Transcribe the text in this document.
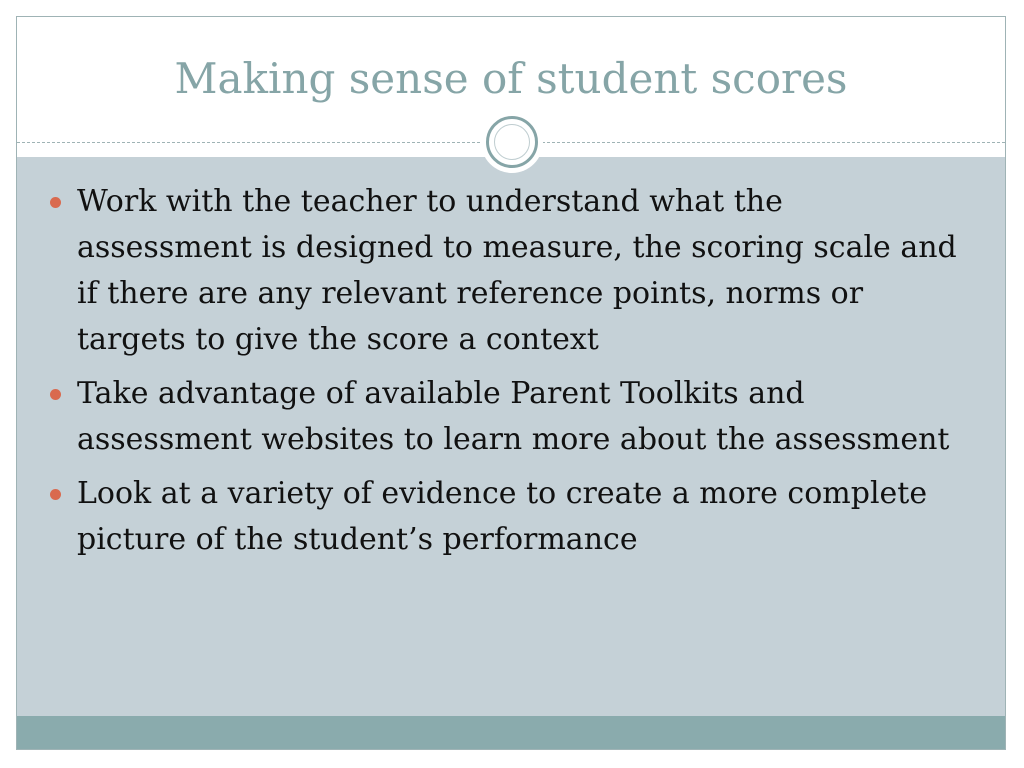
Making sense of student scores
Work with the teacher to understand what the assessment is designed to measure, the scoring scale and if there are any relevant reference points, norms or targets to give the score a context
Take advantage of available Parent Toolkits and assessment websites to learn more about the assessment
Look at a variety of evidence to create a more complete picture of the student’s performance
